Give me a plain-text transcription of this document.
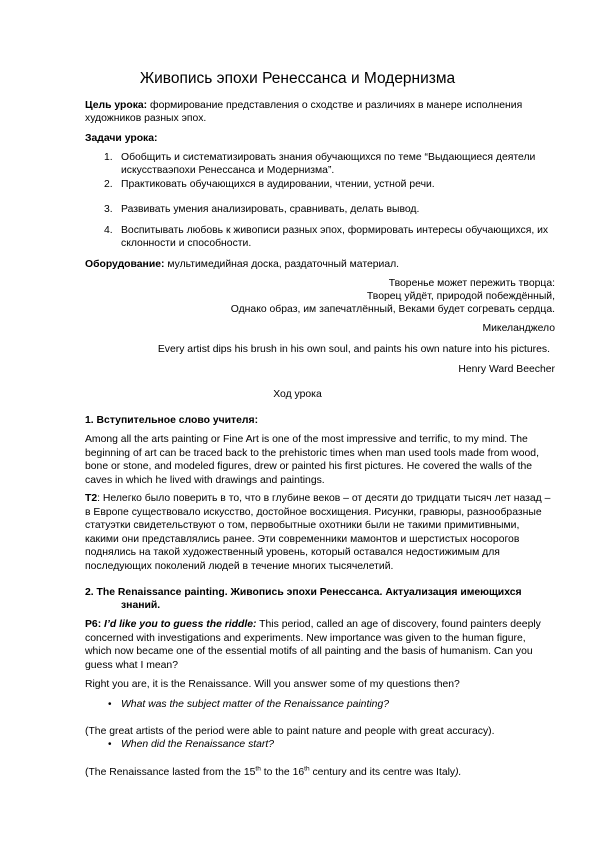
Живопись эпохи Ренессанса и Модернизма
Цель урока: формирование представления о сходстве и различиях в манере исполнения художников разных эпох.
Задачи урока:
1. Обобщить и систематизировать знания обучающихся по теме “Выдающиеся деятели искусстваэпохи Ренессанса и Модернизма”.
2. Практиковать обучающихся в аудировании, чтении, устной речи.
3. Развивать умения анализировать, сравнивать, делать вывод.
4. Воспитывать любовь к живописи разных эпох, формировать интересы обучающихся, их склонности и способности.
Оборудование: мультимедийная доска, раздаточный материал.
Творенье может пережить творца:
Творец уйдёт, природой побеждённый,
Однако образ, им запечатлённый, Веками будет согревать сердца.
Микеланджело
Every artist dips his brush in his own soul, and paints his own nature into his pictures.
Henry Ward Beecher
Ход урока
1. Вступительное слово учителя:
Among all the arts painting or Fine Art is one of the most impressive and terrific, to my mind. The beginning of art can be traced back to the prehistoric times when man used tools made from wood, bone or stone, and modeled figures, drew or painted his first pictures. He covered the walls of the caves in which he lived with drawings and paintings.
T2: Нелегко было поверить в то, что в глубине веков – от десяти до тридцати тысяч лет назад – в Европе существовало искусство, достойное восхищения. Рисунки, гравюры, разнообразные статуэтки свидетельствуют о том, первобытные охотники были не такими примитивными, какими они представлялись ранее. Эти современники мамонтов и шерстистых носорогов поднялись на такой художественный уровень, который оставался недостижимым для последующих поколений людей в течение многих тысячелетий.
2. The Renaissance painting. Живопись эпохи Ренессанса. Актуализация имеющихся
знаний.
P6: I’d like you to guess the riddle: This period, called an age of discovery, found painters deeply concerned with investigations and experiments. New importance was given to the human figure, which now became one of the essential motifs of all painting and the basis of humanism. Can you guess what I mean?
Right you are, it is the Renaissance. Will you answer some of my questions then?
• What was the subject matter of the Renaissance painting?
(The great artists of the period were able to paint nature and people with great accuracy).
• When did the Renaissance start?
(The Renaissance lasted from the 15th to the 16th century and its centre was Italy).
